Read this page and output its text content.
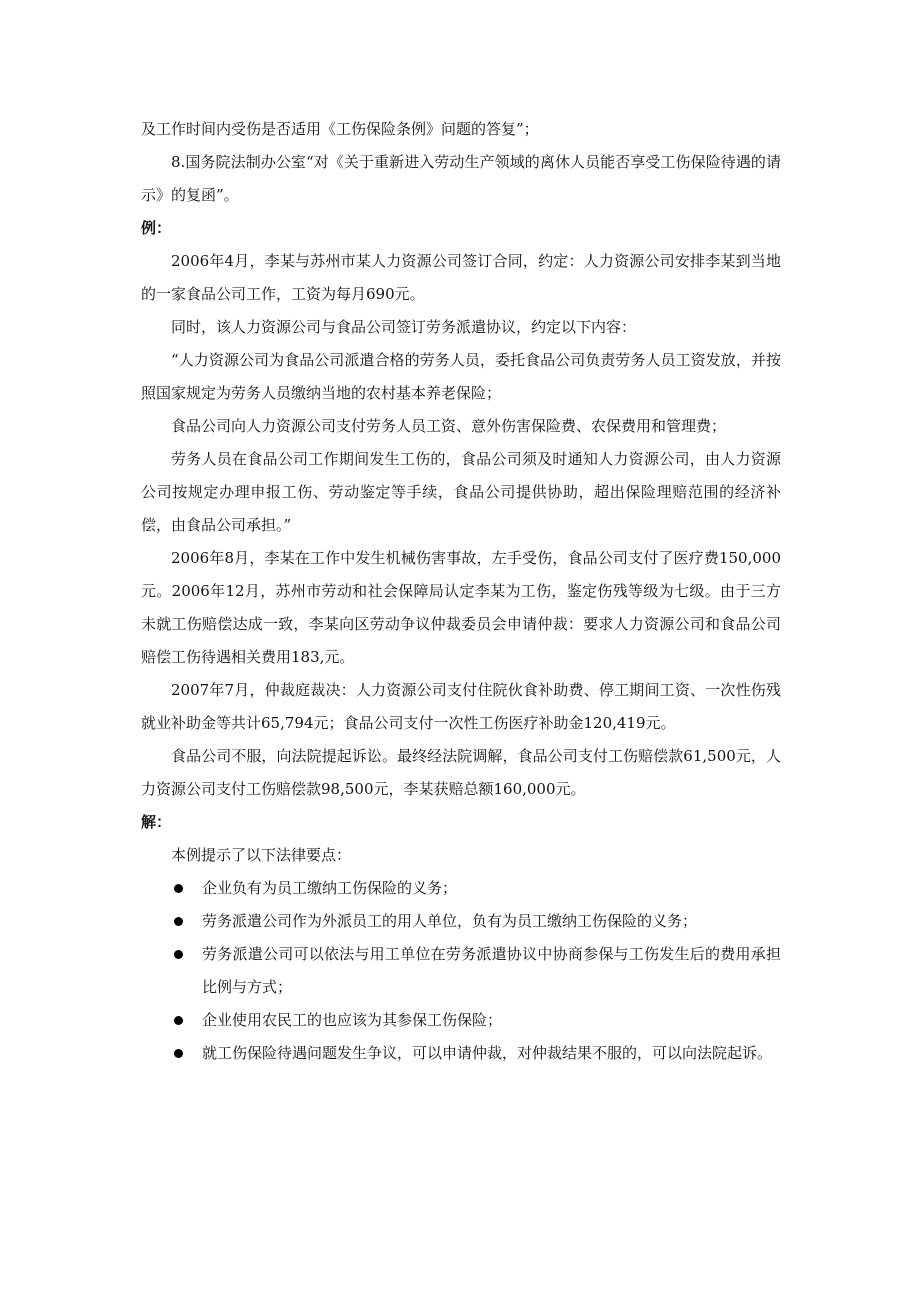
及工作时间内受伤是否适用《工伤保险条例》问题的答复”；

8.国务院法制办公室“对《关于重新进入劳动生产领域的离休人员能否享受工伤保险待遇的请示》的复函”。

例：

2006年4月，李某与苏州市某人力资源公司签订合同，约定：人力资源公司安排李某到当地的一家食品公司工作，工资为每月690元。

同时，该人力资源公司与食品公司签订劳务派遣协议，约定以下内容：

“人力资源公司为食品公司派遣合格的劳务人员，委托食品公司负责劳务人员工资发放，并按照国家规定为劳务人员缴纳当地的农村基本养老保险；

食品公司向人力资源公司支付劳务人员工资、意外伤害保险费、农保费用和管理费；

劳务人员在食品公司工作期间发生工伤的，食品公司须及时通知人力资源公司，由人力资源公司按规定办理申报工伤、劳动鉴定等手续，食品公司提供协助，超出保险理赔范围的经济补偿，由食品公司承担。”

2006年8月，李某在工作中发生机械伤害事故，左手受伤，食品公司支付了医疗费150,000元。2006年12月，苏州市劳动和社会保障局认定李某为工伤，鉴定伤残等级为七级。由于三方未就工伤赔偿达成一致，李某向区劳动争议仲裁委员会申请仲裁：要求人力资源公司和食品公司赔偿工伤待遇相关费用183,元。

2007年7月，仲裁庭裁决：人力资源公司支付住院伙食补助费、停工期间工资、一次性伤残就业补助金等共计65,794元；食品公司支付一次性工伤医疗补助金120,419元。

食品公司不服，向法院提起诉讼。最终经法院调解，食品公司支付工伤赔偿款61,500元，人力资源公司支付工伤赔偿款98,500元，李某获赔总额160,000元。

解：

本例提示了以下法律要点：

企业负有为员工缴纳工伤保险的义务；
劳务派遣公司作为外派员工的用人单位，负有为员工缴纳工伤保险的义务；
劳务派遣公司可以依法与用工单位在劳务派遣协议中协商参保与工伤发生后的费用承担比例与方式；
企业使用农民工的也应该为其参保工伤保险；
就工伤保险待遇问题发生争议，可以申请仲裁，对仲裁结果不服的，可以向法院起诉。
